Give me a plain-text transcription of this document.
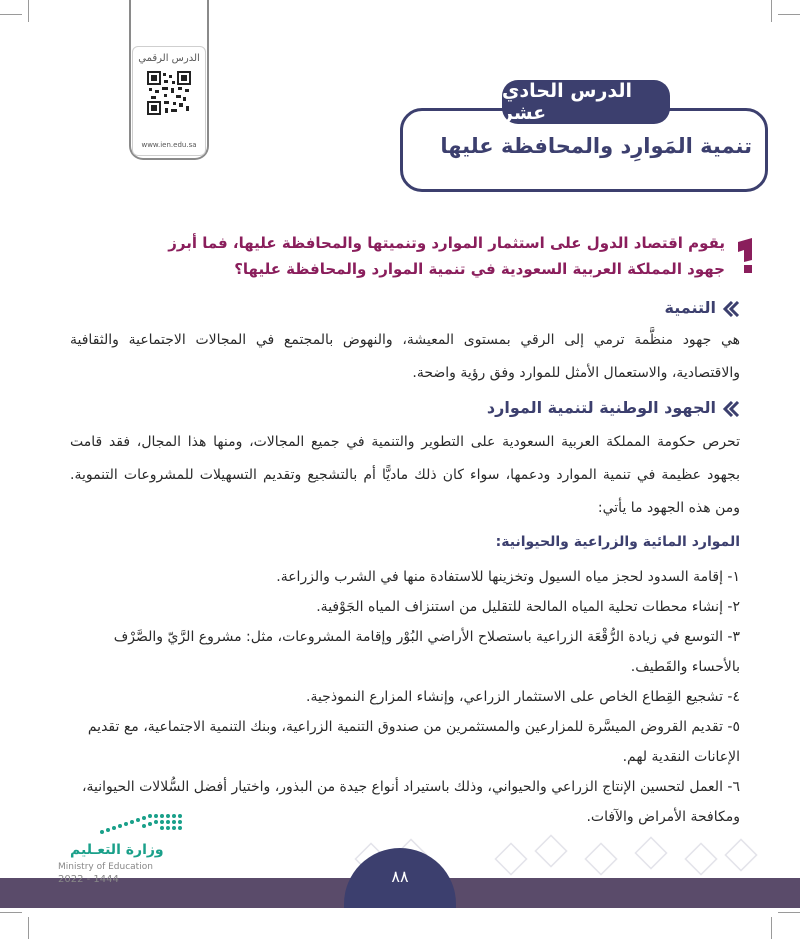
الدرس الرقمي
www.ien.edu.sa
الدرس الحادي عشر
تنمية المَوارِد والمحافظة عليها
يقوم اقتصاد الدول على استثمار الموارد وتنميتها والمحافظة عليها، فما أبرز جهود المملكة العربية السعودية في تنمية الموارد والمحافظة عليها؟
التنمية
هي جهود منظَّمة ترمي إلى الرقي بمستوى المعيشة، والنهوض بالمجتمع في المجالات الاجتماعية والثقافية والاقتصادية، والاستعمال الأمثل للموارد وفق رؤية واضحة.
الجهود الوطنية لتنمية الموارد
تحرص حكومة المملكة العربية السعودية على التطوير والتنمية في جميع المجالات، ومنها هذا المجال، فقد قامت بجهود عظيمة في تنمية الموارد ودعمها، سواء كان ذلك ماديًّا أم بالتشجيع وتقديم التسهيلات للمشروعات التنموية. ومن هذه الجهود ما يأتي:
الموارد المائية والزراعية والحيوانية:
١- إقامة السدود لحجز مياه السيول وتخزينها للاستفادة منها في الشرب والزراعة.
٢- إنشاء محطات تحلية المياه المالحة للتقليل من استنزاف المياه الجَوْفية.
٣- التوسع في زيادة الرُّقْعَة الزراعية باستصلاح الأراضي البُوْر وإقامة المشروعات، مثل: مشروع الرَّيّ والصَّرْف بالأحساء والقَطيف.
٤- تشجيع القِطاع الخاص على الاستثمار الزراعي، وإنشاء المزارع النموذجية.
٥- تقديم القروض الميسَّرة للمزارعين والمستثمرين من صندوق التنمية الزراعية، وبنك التنمية الاجتماعية، مع تقديم الإعانات النقدية لهم.
٦- العمل لتحسين الإنتاج الزراعي والحيواني، وذلك باستيراد أنواع جيدة من البذور، واختيار أفضل السُّلالات الحيوانية، ومكافحة الأمراض والآفات.
٨٨
وزارة التعـليم
Ministry of Education
2022 - 1444
